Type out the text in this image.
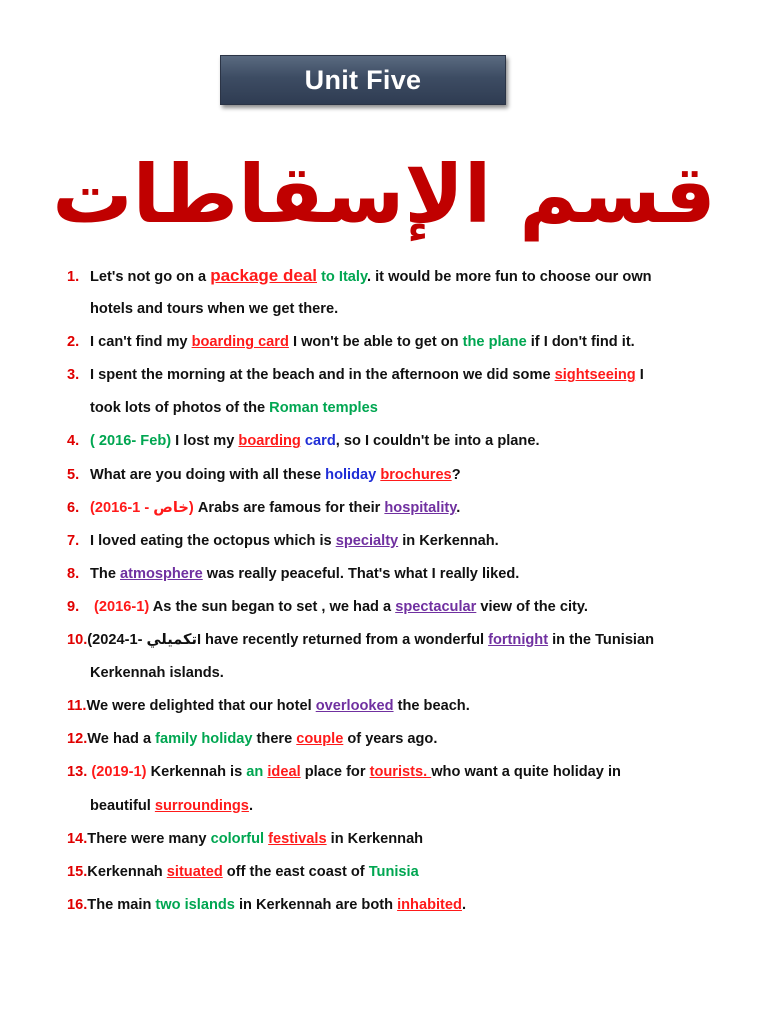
Unit Five
قسم الإسقاطات
1. Let's not go on a package deal to Italy. it would be more fun to choose our own
hotels and tours when we get there.
2. I can't find my boarding card I won't be able to get on the plane if I don't find it.
3. I spent the morning at the beach and in the afternoon we did some sightseeing I
took lots of photos of the Roman temples
4. ( 2016- Feb) I lost my boarding card, so I couldn't be into a plane.
5. What are you doing with all these holiday brochures?
6. (2016-1 - خاص) Arabs are famous for their hospitality.
7. I loved eating the octopus which is specialty in Kerkennah.
8. The atmosphere was really peaceful. That's what I really liked.
9. (2016-1) As the sun began to set , we had a spectacular view of the city.
10.(2024-1- تكميليI have recently returned from a wonderful fortnight in the Tunisian
Kerkennah islands.
11.We were delighted that our hotel overlooked the beach.
12.We had a family holiday there couple of years ago.
13. (2019-1) Kerkennah is an ideal place for tourists. who want a quite holiday in
beautiful surroundings.
14.There were many colorful festivals in Kerkennah
15.Kerkennah situated off the east coast of Tunisia
16.The main two islands in Kerkennah are both inhabited.
